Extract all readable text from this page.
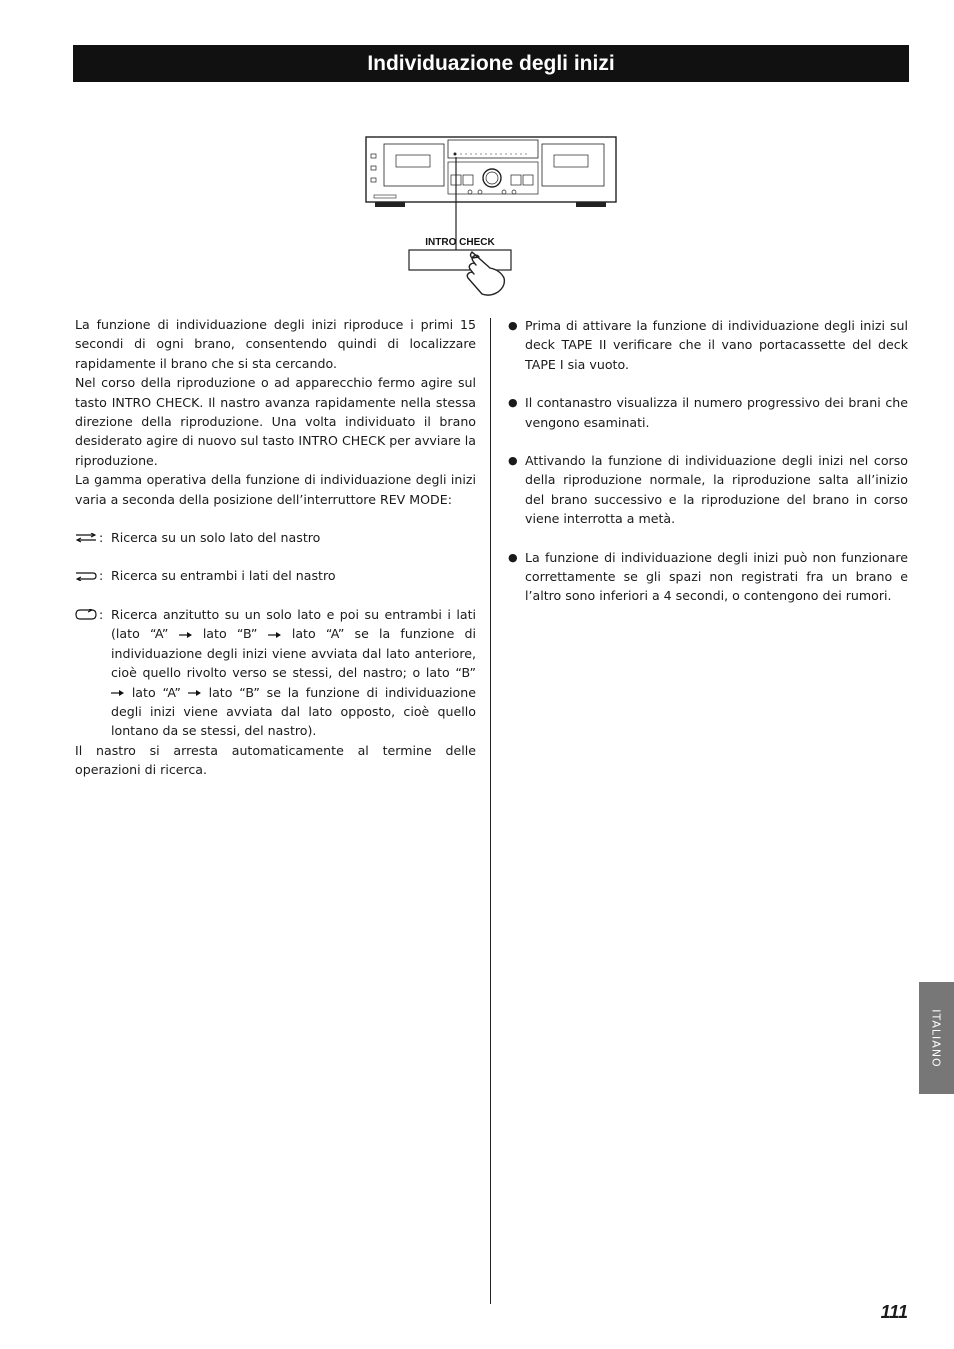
Individuazione degli inizi
INTRO CHECK

La funzione di individuazione degli inizi riproduce i primi 15 secondi di ogni brano, consentendo quindi di localizzare rapidamente il brano che si sta cercando.

Nel corso della riproduzione o ad apparecchio fermo agire sul tasto INTRO CHECK. Il nastro avanza rapidamente nella stessa direzione della riproduzione. Una volta individuato il brano desiderato agire di nuovo sul tasto INTRO CHECK per avviare la riproduzione.

La gamma operativa della funzione di individuazione degli inizi varia a seconda della posizione dell’interruttore REV MODE:

: Ricerca su un solo lato del nastro
: Ricerca su entrambi i lati del nastro
: Ricerca anzitutto su un solo lato e poi su entrambi i lati (lato “A”	lato “B”	lato “A” se la funzione di individuazione degli inizi viene avviata dal lato anteriore, cioè quello rivolto verso se stessi, del nastro; o lato “B”  lato “A” lato “B” se la funzione di individuazione degli inizi viene avviata dal lato opposto, cioè quello lontano da se stessi, del nastro).

Il nastro si arresta automaticamente al termine delle operazioni di ricerca.

● Prima di attivare la funzione di individuazione degli inizi sul deck TAPE II verificare che il vano portacassette del deck TAPE I sia vuoto.
● Il contanastro visualizza il numero progressivo dei brani che vengono esaminati.
● Attivando la funzione di individuazione degli inizi nel corso della riproduzione normale, la riproduzione salta all’inizio del brano successivo e la riproduzione del brano in corso viene interrotta a metà.
● La funzione di individuazione degli inizi può non funzionare correttamente se gli spazi non registrati fra un brano e l’altro sono inferiori a 4 secondi, o contengono dei rumori.
ITALIANO
111
